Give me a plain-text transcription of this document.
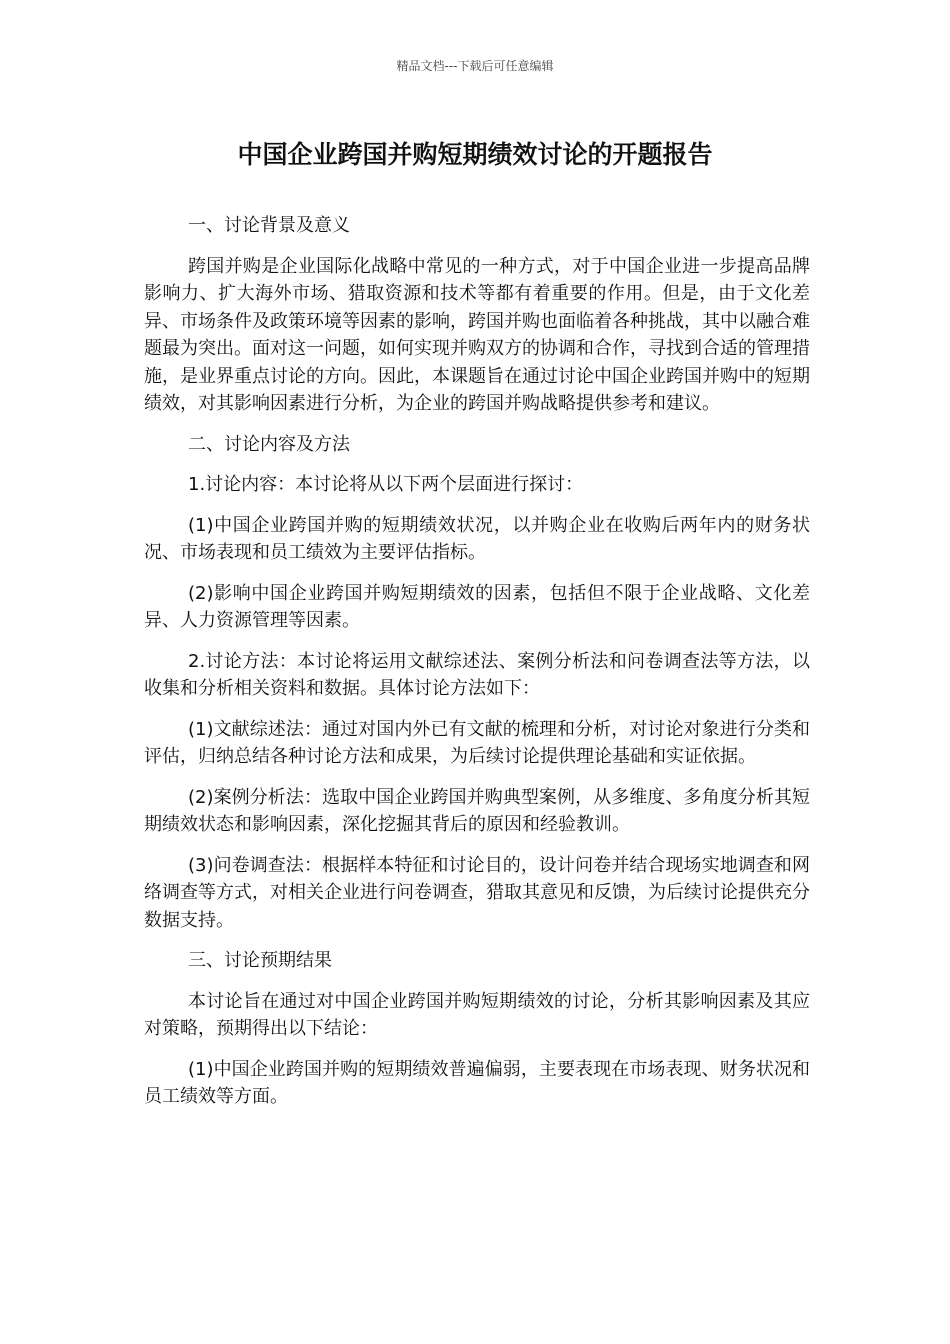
精品文档---下载后可任意编辑
中国企业跨国并购短期绩效讨论的开题报告

一、讨论背景及意义

跨国并购是企业国际化战略中常见的一种方式，对于中国企业进一步提高品牌影响力、扩大海外市场、猎取资源和技术等都有着重要的作用。但是，由于文化差异、市场条件及政策环境等因素的影响，跨国并购也面临着各种挑战，其中以融合难题最为突出。面对这一问题，如何实现并购双方的协调和合作，寻找到合适的管理措施，是业界重点讨论的方向。因此，本课题旨在通过讨论中国企业跨国并购中的短期绩效，对其影响因素进行分析，为企业的跨国并购战略提供参考和建议。

二、讨论内容及方法

1.讨论内容：本讨论将从以下两个层面进行探讨：

(1)中国企业跨国并购的短期绩效状况，以并购企业在收购后两年内的财务状况、市场表现和员工绩效为主要评估指标。

(2)影响中国企业跨国并购短期绩效的因素，包括但不限于企业战略、文化差异、人力资源管理等因素。

2.讨论方法：本讨论将运用文献综述法、案例分析法和问卷调查法等方法，以收集和分析相关资料和数据。具体讨论方法如下：

(1)文献综述法：通过对国内外已有文献的梳理和分析，对讨论对象进行分类和评估，归纳总结各种讨论方法和成果，为后续讨论提供理论基础和实证依据。

(2)案例分析法：选取中国企业跨国并购典型案例，从多维度、多角度分析其短期绩效状态和影响因素，深化挖掘其背后的原因和经验教训。

(3)问卷调查法：根据样本特征和讨论目的，设计问卷并结合现场实地调查和网络调查等方式，对相关企业进行问卷调查，猎取其意见和反馈，为后续讨论提供充分数据支持。

三、讨论预期结果

本讨论旨在通过对中国企业跨国并购短期绩效的讨论，分析其影响因素及其应对策略，预期得出以下结论：

(1)中国企业跨国并购的短期绩效普遍偏弱，主要表现在市场表现、财务状况和员工绩效等方面。
